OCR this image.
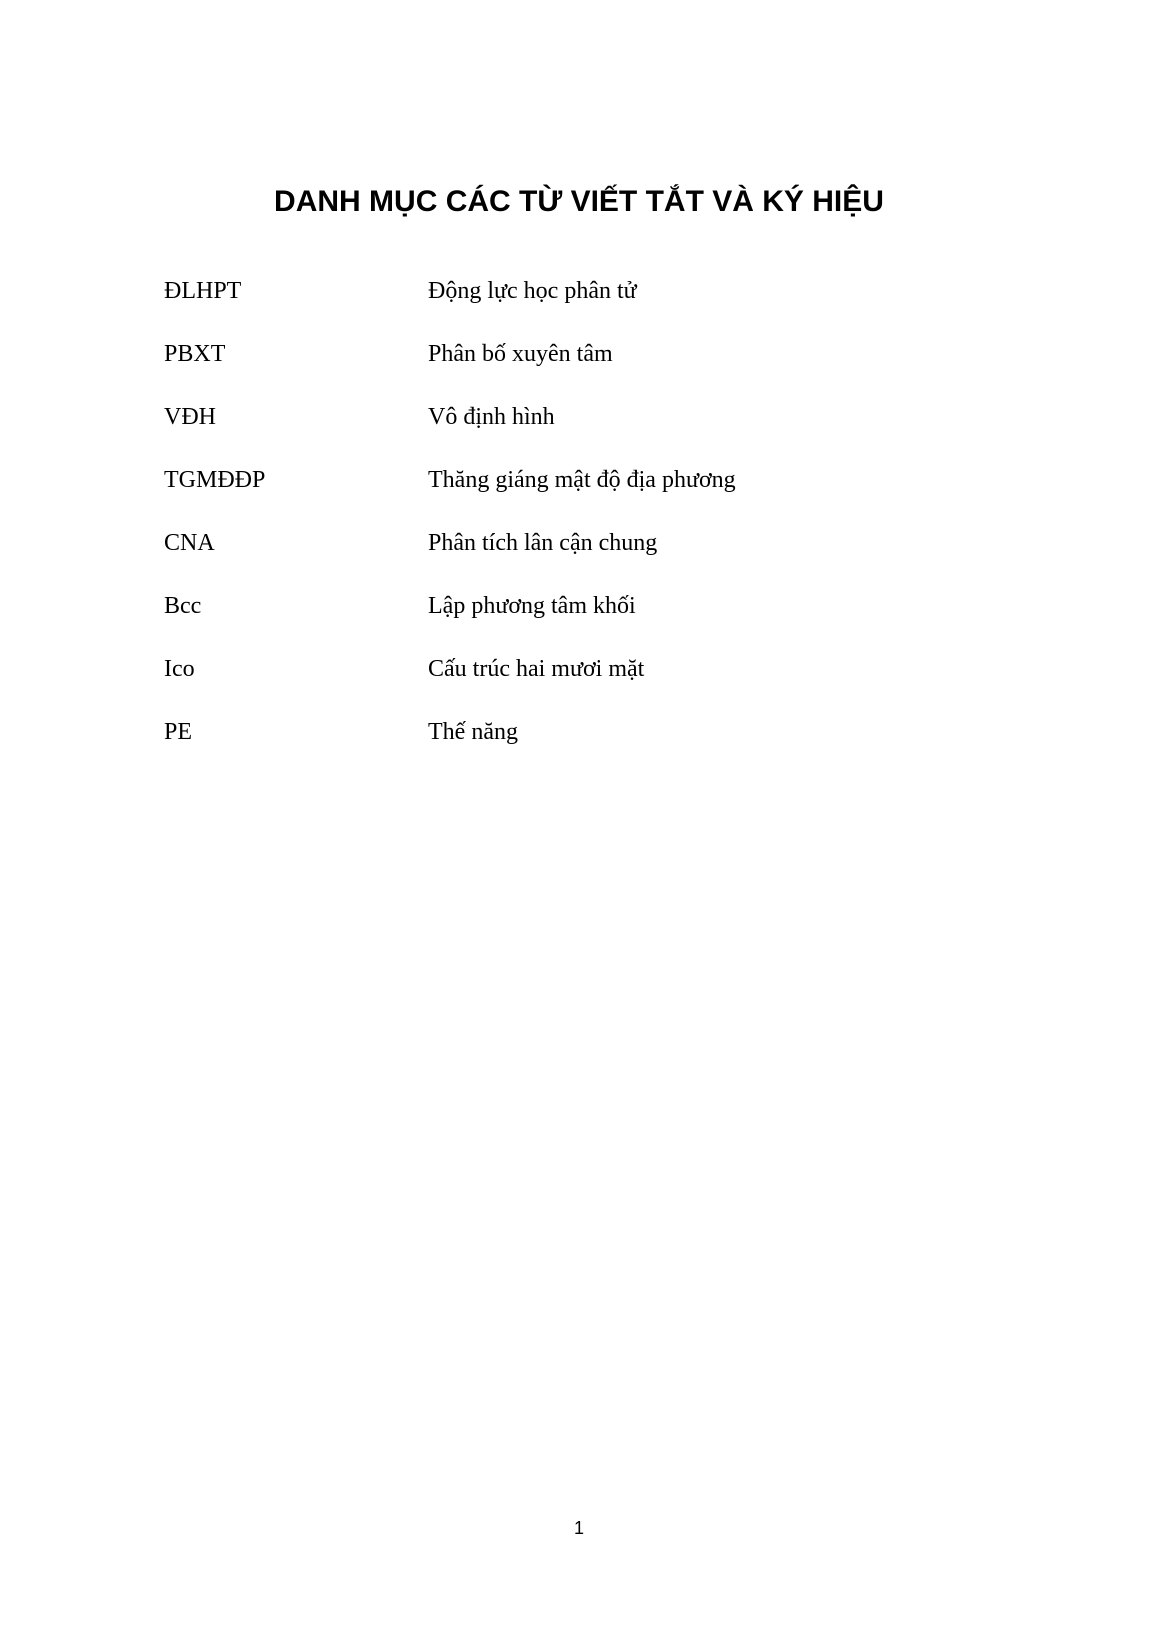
DANH MỤC CÁC TỪ VIẾT TẮT VÀ KÝ HIỆU
ĐLHPT	Động lực học phân tử
PBXT	Phân bố xuyên tâm
VĐH	Vô định hình
TGMĐĐP	Thăng giáng mật độ địa phương
CNA	Phân tích lân cận chung
Bcc	Lập phương tâm khối
Ico	Cấu trúc hai mươi mặt
PE	Thế năng
1
